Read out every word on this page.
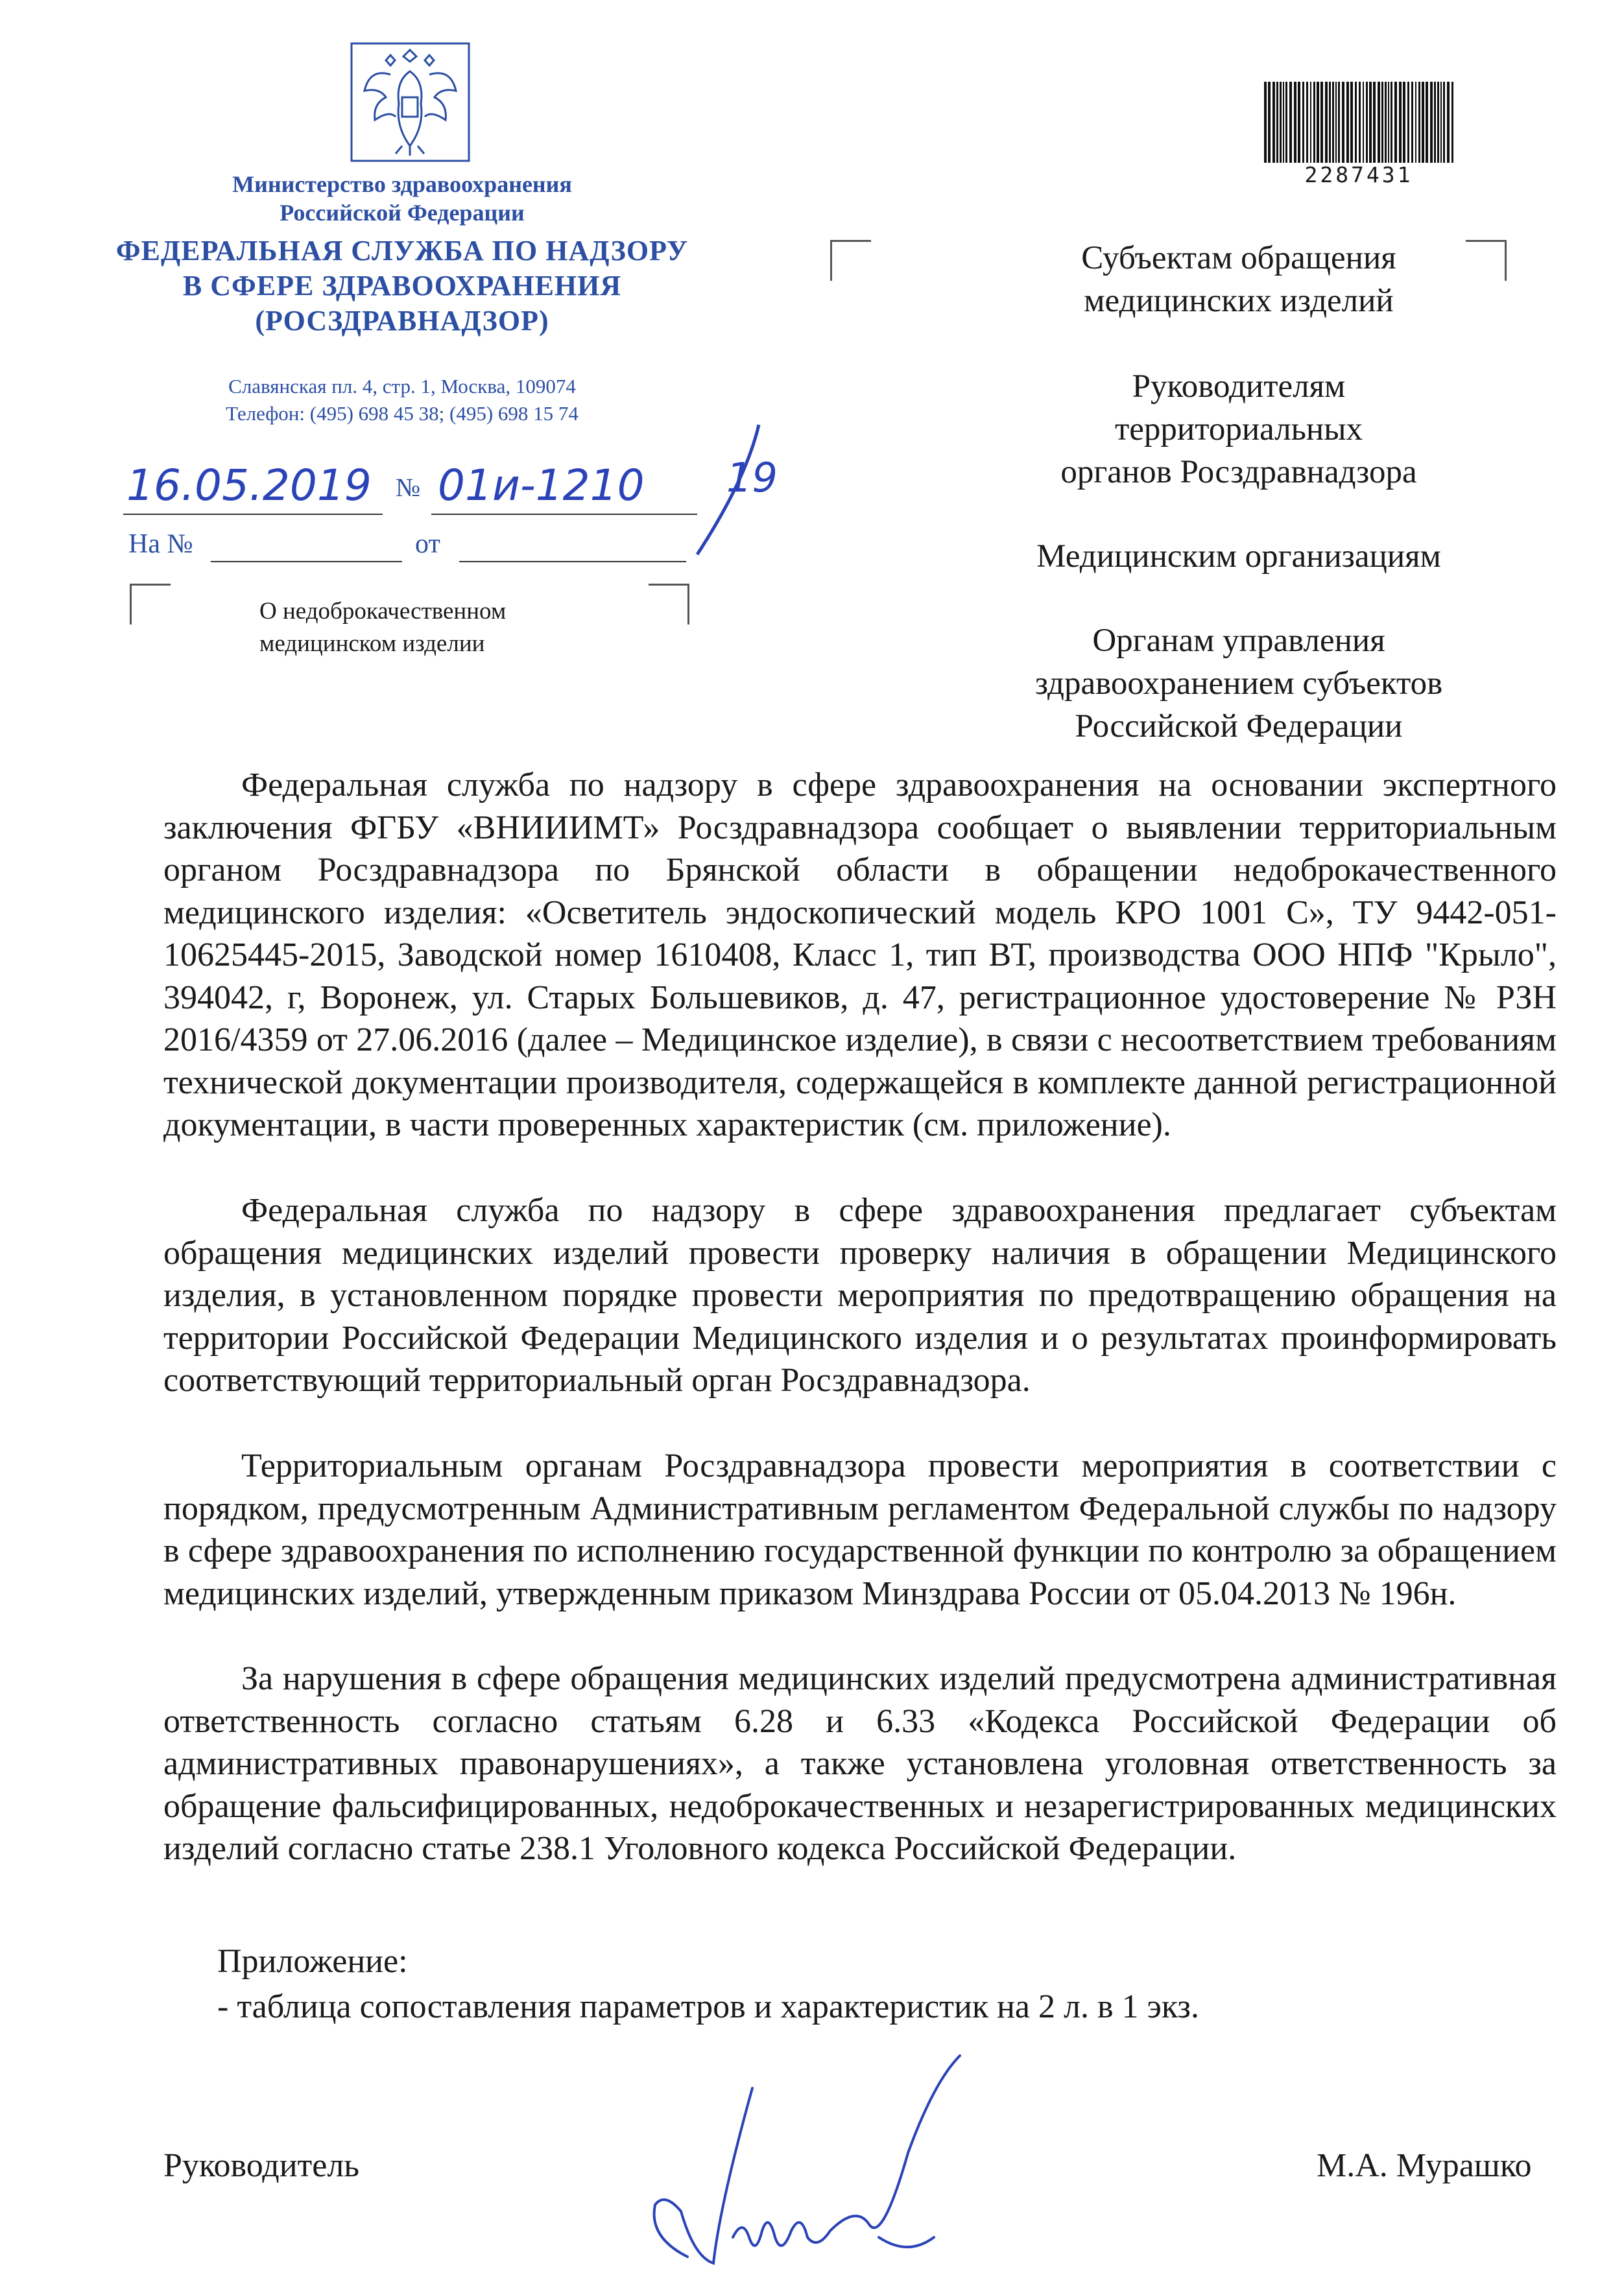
Министерство здравоохранения
Российской Федерации
ФЕДЕРАЛЬНАЯ СЛУЖБА ПО НАДЗОРУ
В СФЕРЕ ЗДРАВООХРАНЕНИЯ
(РОСЗДРАВНАДЗОР)
Славянская пл. 4, стр. 1, Москва, 109074
Телефон: (495) 698 45 38; (495) 698 15 74
16.05.2019 № 01и-1210 19
На №	от
О недоброкачественном
медицинском изделии
2287431
Субъектам обращения
медицинских изделий
Руководителям
территориальных
органов Росздравнадзора
Медицинским организациям
Органам управления
здравоохранением субъектов
Российской Федерации

Федеральная служба по надзору в сфере здравоохранения на основании экспертного заключения ФГБУ «ВНИИИМТ» Росздравнадзора сообщает о выявлении территориальным органом Росздравнадзора по Брянской области в обращении недоброкачественного медицинского изделия: «Осветитель эндоскопический модель КРО 1001 С», ТУ 9442-051-10625445-2015, Заводской номер 1610408, Класс 1, тип ВТ, производства ООО НПФ "Крыло", 394042, г, Воронеж, ул. Старых Большевиков, д. 47, регистрационное удостоверение № РЗН 2016/4359 от 27.06.2016 (далее – Медицинское изделие), в связи с несоответствием требованиям технической документации производителя, содержащейся в комплекте данной регистрационной документации, в части проверенных характеристик (см. приложение).

Федеральная служба по надзору в сфере здравоохранения предлагает субъектам обращения медицинских изделий провести проверку наличия в обращении Медицинского изделия, в установленном порядке провести мероприятия по предотвращению обращения на территории Российской Федерации Медицинского изделия и о результатах проинформировать соответствующий территориальный орган Росздравнадзора.

Территориальным органам Росздравнадзора провести мероприятия в соответствии с порядком, предусмотренным Административным регламентом Федеральной службы по надзору в сфере здравоохранения по исполнению государственной функции по контролю за обращением медицинских изделий, утвержденным приказом Минздрава России от 05.04.2013 № 196н.

За нарушения в сфере обращения медицинских изделий предусмотрена административная ответственность согласно статьям 6.28 и 6.33 «Кодекса Российской Федерации об административных правонарушениях», а также установлена уголовная ответственность за обращение фальсифицированных, недоброкачественных и незарегистрированных медицинских изделий согласно статье 238.1 Уголовного кодекса Российской Федерации.

Приложение:
- таблица сопоставления параметров и характеристик на 2 л. в 1 экз.
Руководитель	М.А. Мурашко
